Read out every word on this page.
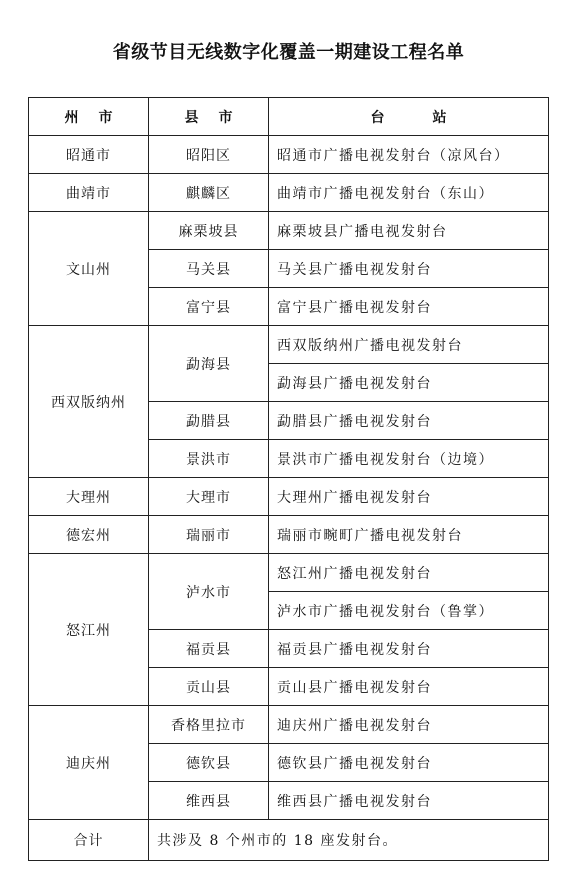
省级节目无线数字化覆盖一期建设工程名单
州市	县市	台站
昭通市	昭阳区	昭通市广播电视发射台（凉风台）
曲靖市	麒麟区	曲靖市广播电视发射台（东山）
文山州	麻栗坡县	麻栗坡县广播电视发射台
	马关县	马关县广播电视发射台
	富宁县	富宁县广播电视发射台
西双版纳州	勐海县	西双版纳州广播电视发射台
		勐海县广播电视发射台
	勐腊县	勐腊县广播电视发射台
	景洪市	景洪市广播电视发射台（边境）
大理州	大理市	大理州广播电视发射台
德宏州	瑞丽市	瑞丽市畹町广播电视发射台
怒江州	泸水市	怒江州广播电视发射台
		泸水市广播电视发射台（鲁掌）
	福贡县	福贡县广播电视发射台
	贡山县	贡山县广播电视发射台
迪庆州	香格里拉市	迪庆州广播电视发射台
	德钦县	德钦县广播电视发射台
	维西县	维西县广播电视发射台
合计	共涉及 8 个州市的 18 座发射台。	
